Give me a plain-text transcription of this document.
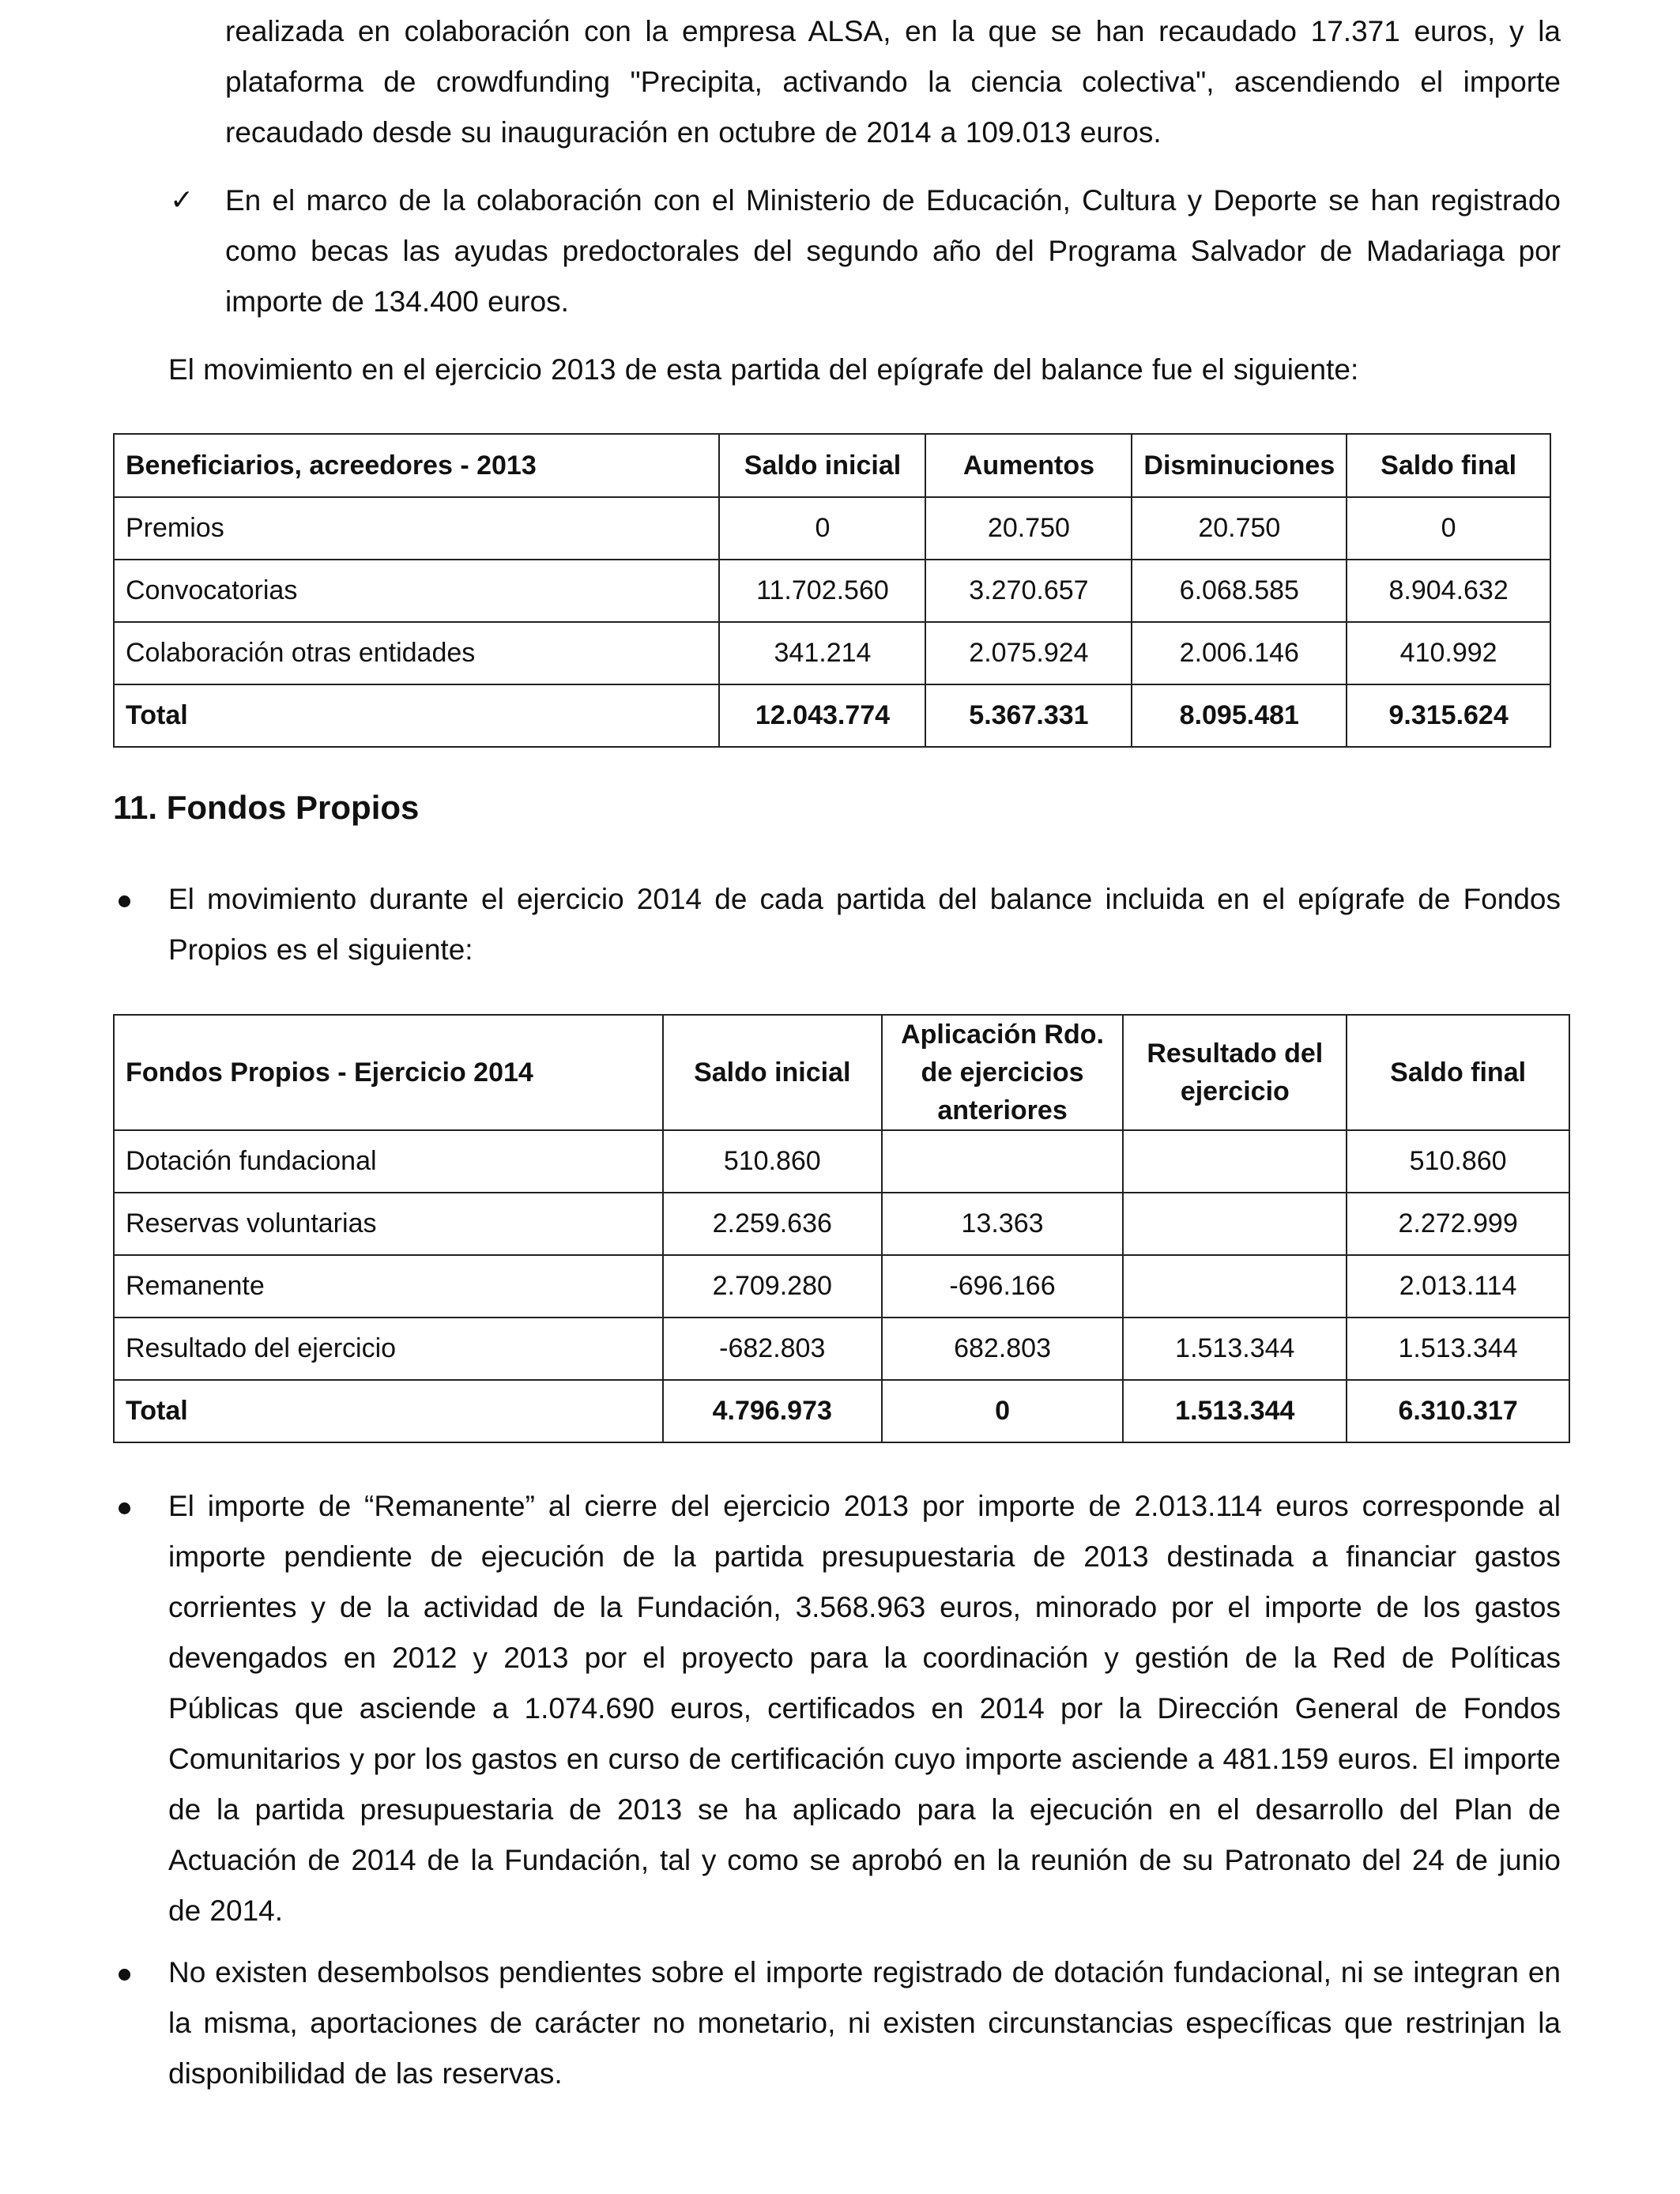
realizada en colaboración con la empresa ALSA, en la que se han recaudado 17.371 euros, y la plataforma de crowdfunding "Precipita, activando la ciencia colectiva", ascendiendo el importe recaudado desde su inauguración en octubre de 2014 a 109.013 euros.

✓ En el marco de la colaboración con el Ministerio de Educación, Cultura y Deporte se han registrado como becas las ayudas predoctorales del segundo año del Programa Salvador de Madariaga por importe de 134.400 euros.

El movimiento en el ejercicio 2013 de esta partida del epígrafe del balance fue el siguiente:

Beneficiarios, acreedores - 2013	Saldo inicial	Aumentos	Disminuciones	Saldo final
Premios	0	20.750	20.750	0
Convocatorias	11.702.560	3.270.657	6.068.585	8.904.632
Colaboración otras entidades	341.214	2.075.924	2.006.146	410.992
Total	12.043.774	5.367.331	8.095.481	9.315.624
11. Fondos Propios

El movimiento durante el ejercicio 2014 de cada partida del balance incluida en el epígrafe de Fondos Propios es el siguiente:

Fondos Propios - Ejercicio 2014	Saldo inicial	Aplicación Rdo. de ejercicios anteriores	Resultado del ejercicio	Saldo final
Dotación fundacional	510.860			510.860
Reservas voluntarias	2.259.636	13.363		2.272.999
Remanente	2.709.280	-696.166		2.013.114
Resultado del ejercicio	-682.803	682.803	1.513.344	1.513.344
Total	4.796.973	0	1.513.344	6.310.317

El importe de “Remanente” al cierre del ejercicio 2013 por importe de 2.013.114 euros corresponde al importe pendiente de ejecución de la partida presupuestaria de 2013 destinada a financiar gastos corrientes y de la actividad de la Fundación, 3.568.963 euros, minorado por el importe de los gastos devengados en 2012 y 2013 por el proyecto para la coordinación y gestión de la Red de Políticas Públicas que asciende a 1.074.690 euros, certificados en 2014 por la Dirección General de Fondos Comunitarios y por los gastos en curso de certificación cuyo importe asciende a 481.159 euros. El importe de la partida presupuestaria de 2013 se ha aplicado para la ejecución en el desarrollo del Plan de Actuación de 2014 de la Fundación, tal y como se aprobó en la reunión de su Patronato del 24 de junio de 2014.

No existen desembolsos pendientes sobre el importe registrado de dotación fundacional, ni se integran en la misma, aportaciones de carácter no monetario, ni existen circunstancias específicas que restrinjan la disponibilidad de las reservas.
